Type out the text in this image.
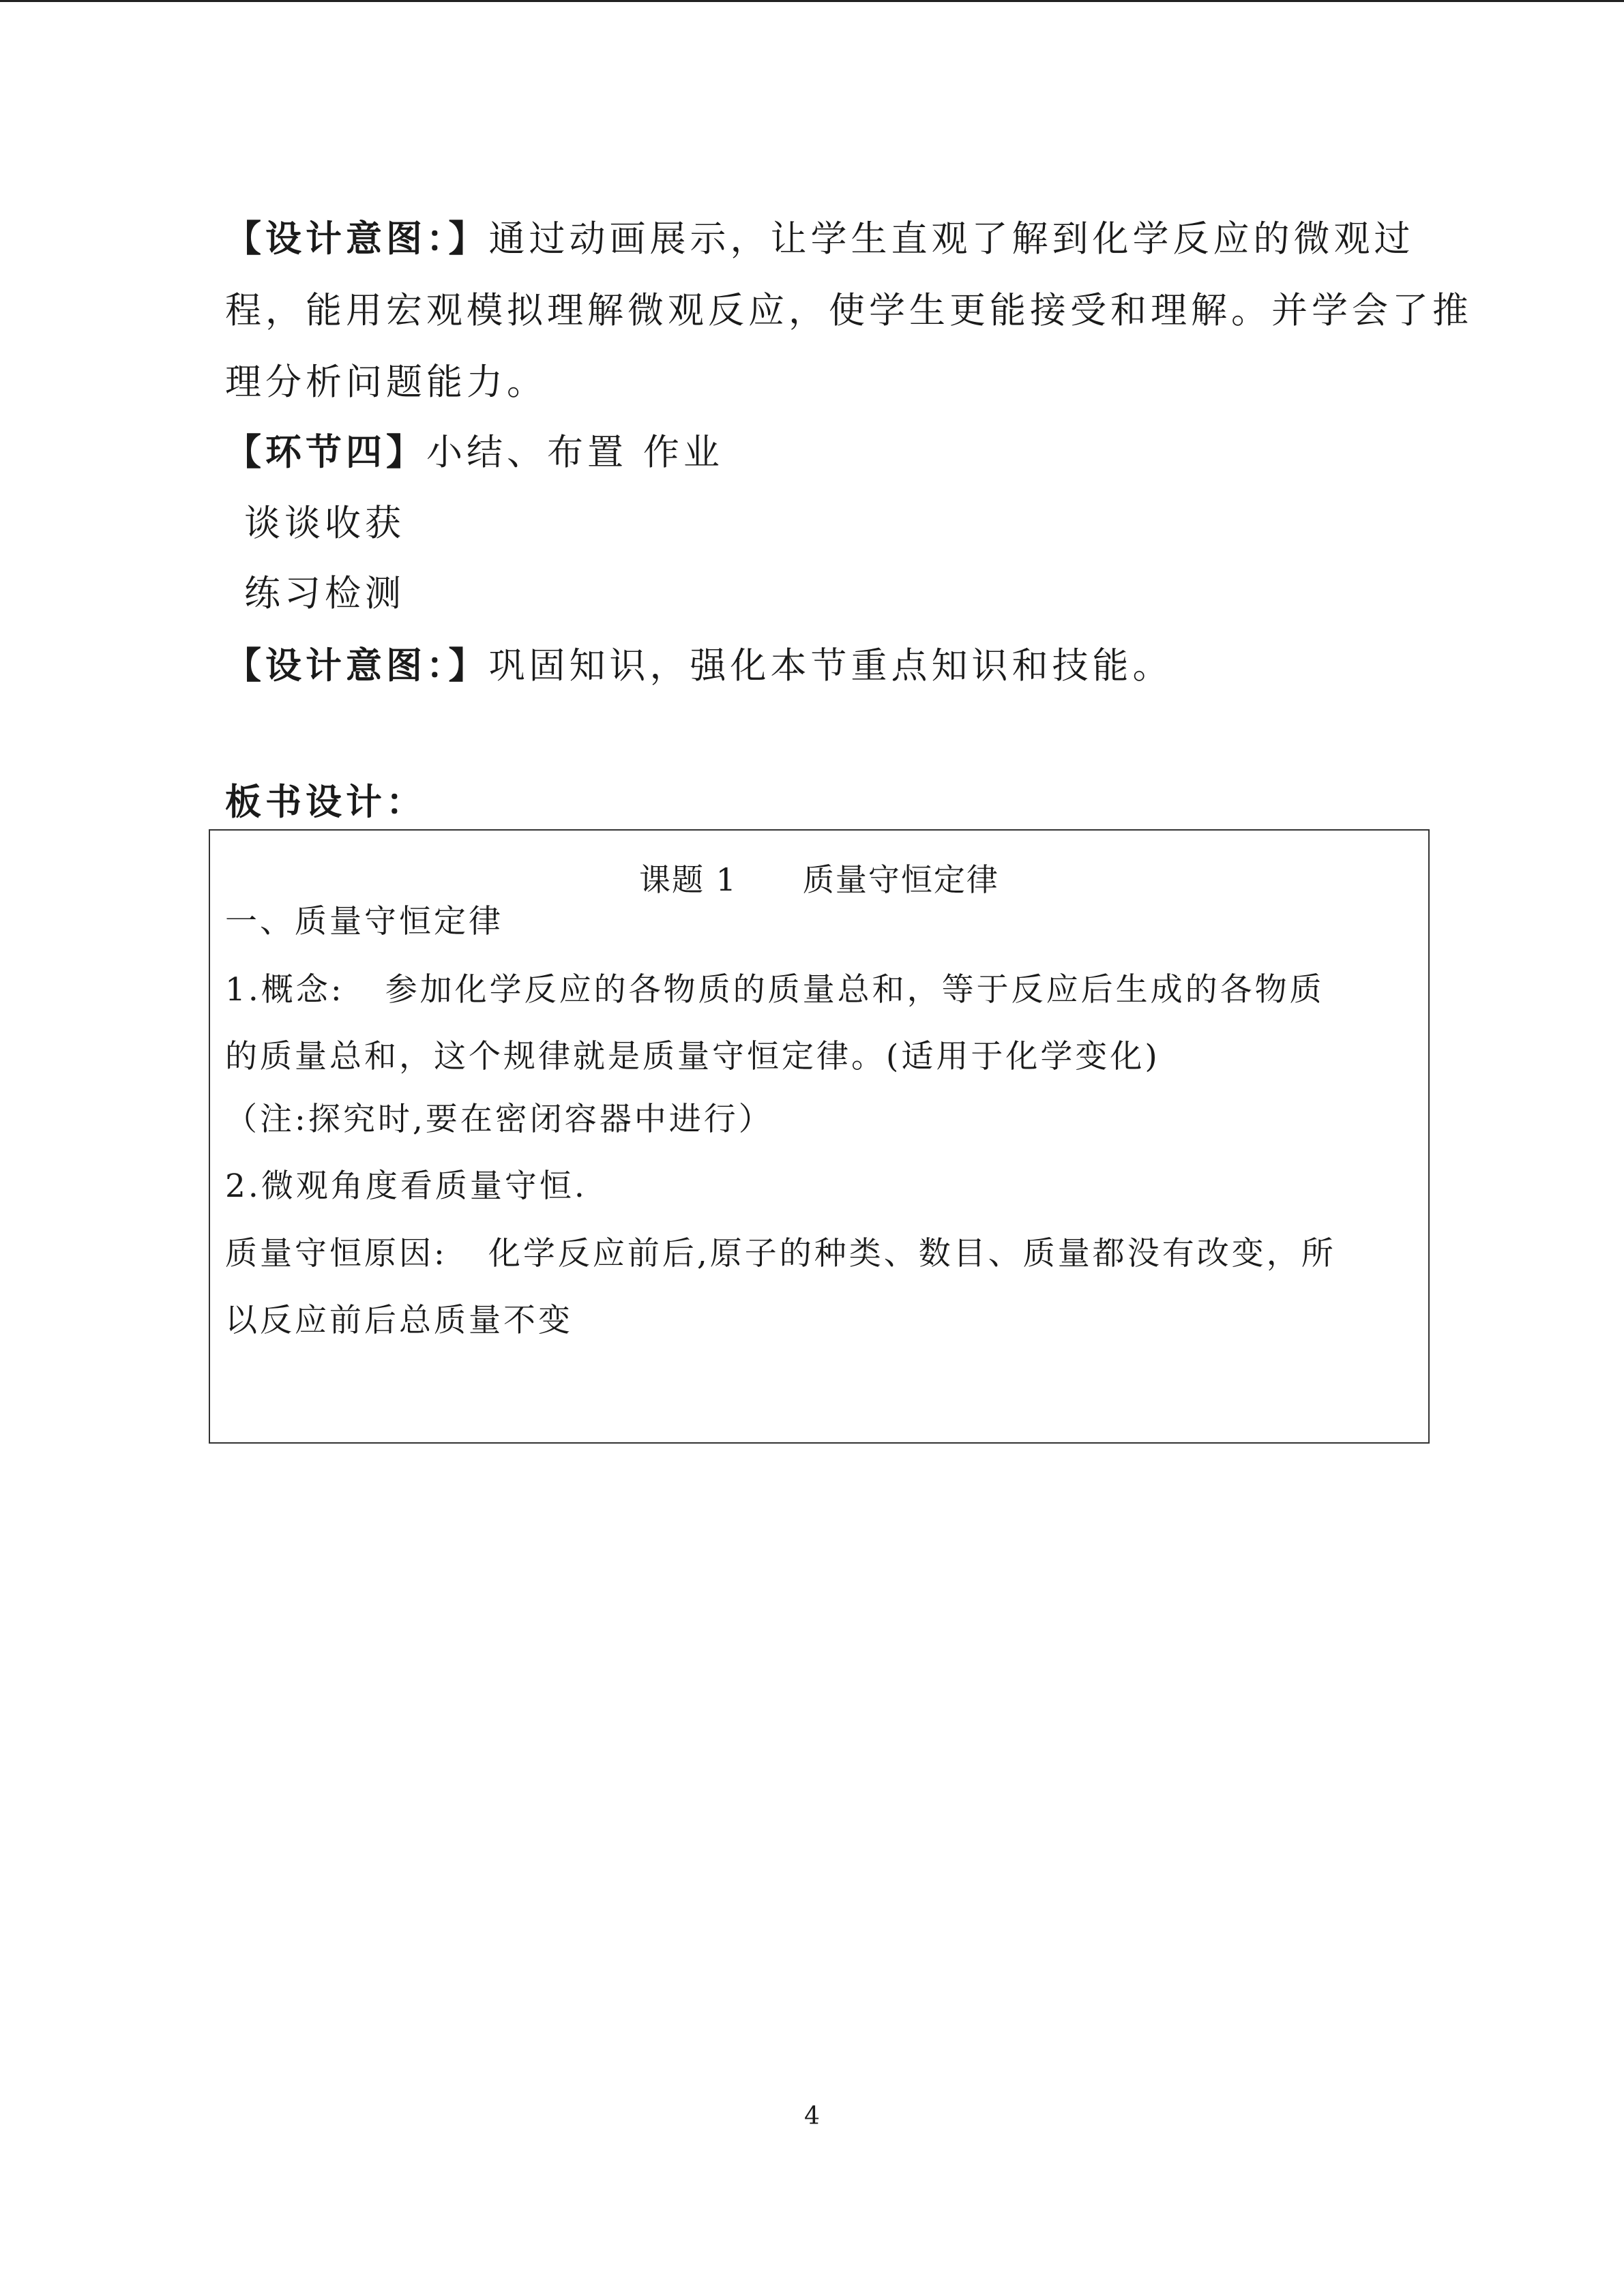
【设计意图：】通过动画展示，让学生直观了解到化学反应的微观过

程，能用宏观模拟理解微观反应，使学生更能接受和理解。并学会了推

理分析问题能力。

【环节四】小结、布置 作业

谈谈收获

练习检测

【设计意图：】巩固知识，强化本节重点知识和技能。

板书设计：

课题 1　　质量守恒定律

一、质量守恒定律

1.概念: 参加化学反应的各物质的质量总和，等于反应后生成的各物质

的质量总和，这个规律就是质量守恒定律。(适用于化学变化)

（注:探究时,要在密闭容器中进行）

2.微观角度看质量守恒.

质量守恒原因: 化学反应前后,原子的种类、数目、质量都没有改变，所

以反应前后总质量不变

4
